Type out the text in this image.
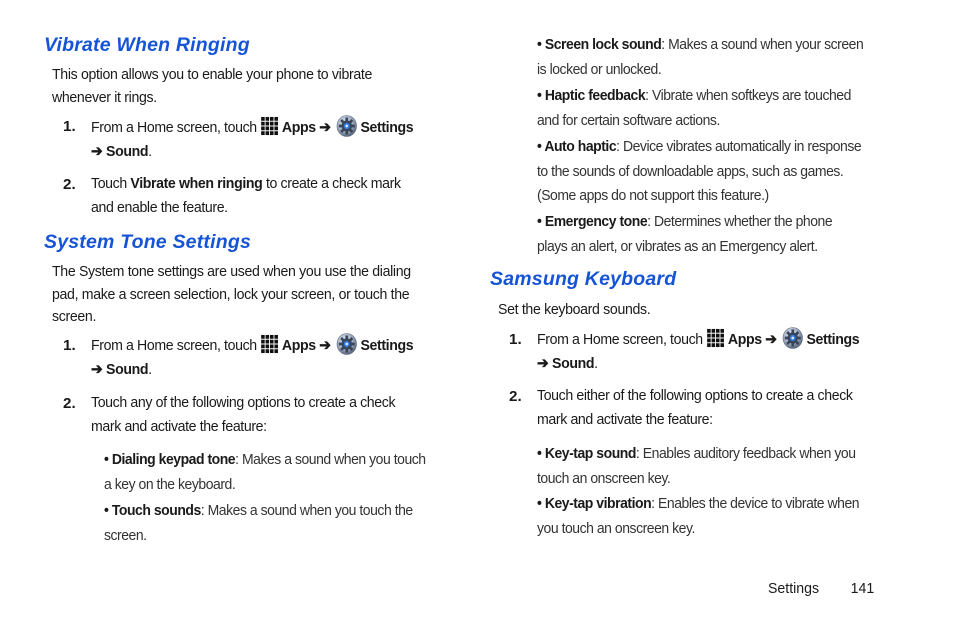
Vibrate When Ringing
This option allows you to enable your phone to vibrate
whenever it rings.
1. From a Home screen, touch Apps ➔ Settings
➔ Sound.
2. Touch Vibrate when ringing to create a check mark
and enable the feature.
System Tone Settings
The System tone settings are used when you use the dialing
pad, make a screen selection, lock your screen, or touch the
screen.
1. From a Home screen, touch Apps ➔ Settings
➔ Sound.
2. Touch any of the following options to create a check
mark and activate the feature:
• Dialing keypad tone: Makes a sound when you touch
a key on the keyboard.
• Touch sounds: Makes a sound when you touch the
screen.
• Screen lock sound: Makes a sound when your screen
is locked or unlocked.
• Haptic feedback: Vibrate when softkeys are touched
and for certain software actions.
• Auto haptic: Device vibrates automatically in response
to the sounds of downloadable apps, such as games.
(Some apps do not support this feature.)
• Emergency tone: Determines whether the phone
plays an alert, or vibrates as an Emergency alert.
Samsung Keyboard
Set the keyboard sounds.
1. From a Home screen, touch Apps ➔ Settings
➔ Sound.
2. Touch either of the following options to create a check
mark and activate the feature:
• Key-tap sound: Enables auditory feedback when you
touch an onscreen key.
• Key-tap vibration: Enables the device to vibrate when
you touch an onscreen key.
Settings 141
